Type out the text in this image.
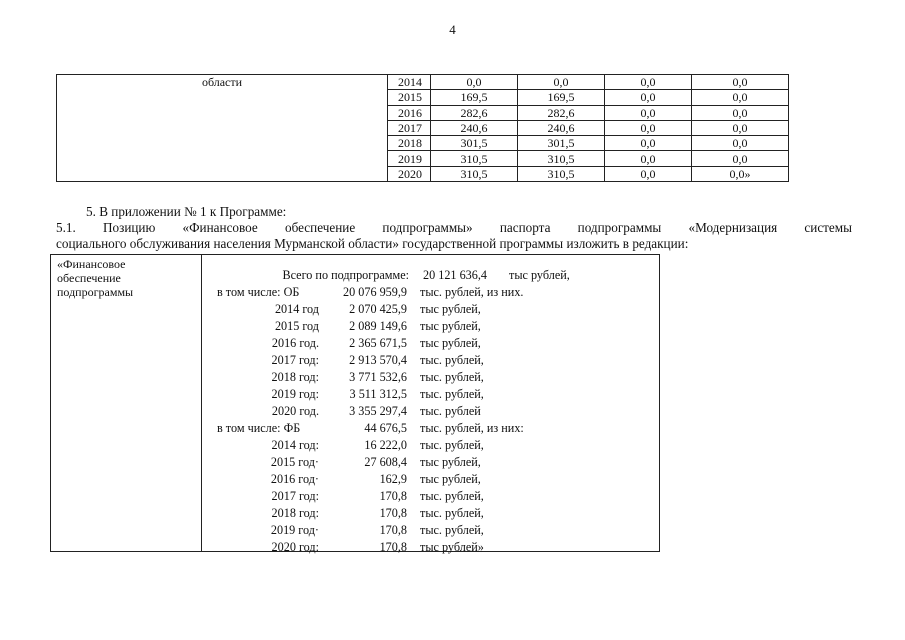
4
области	2014	0,0	0,0	0,0	0,0
	2015	169,5	169,5	0,0	0,0
	2016	282,6	282,6	0,0	0,0
	2017	240,6	240,6	0,0	0,0
	2018	301,5	301,5	0,0	0,0
	2019	310,5	310,5	0,0	0,0
	2020	310,5	310,5	0,0	0,0»
5. В приложении № 1 к Программе:
5.1. Позицию «Финансовое обеспечение подпрограммы» паспорта подпрограммы «Модернизация системы
социального обслуживания населения Мурманской области» государственной программы изложить в редакции:
«Финансовое
обеспечение
подпрограммы
Всего по подпрограмме: 20 121 636,4 тыс рублей,
в том числе: ОБ	20 076 959,9 тыс. рублей, из них.
2014 год	2 070 425,9 тыс рублей,
2015 год	2 089 149,6 тыс рублей,
2016 год.	2 365 671,5 тыс рублей,
2017 год:	2 913 570,4 тыс. рублей,
2018 год:	3 771 532,6 тыс. рублей,
2019 год:	3 511 312,5 тыс. рублей,
2020 год.	3 355 297,4 тыс. рублей
в том числе: ФБ	44 676,5 тыс. рублей, из них:
2014 год:	16 222,0 тыс. рублей,
2015 год·	27 608,4 тыс рублей,
2016 год·	162,9 тыс рублей,
2017 год:	170,8 тыс. рублей,
2018 год:	170,8 тыс. рублей,
2019 год·	170,8 тыс. рублей,
2020 год:	170,8 тыс рублей»
